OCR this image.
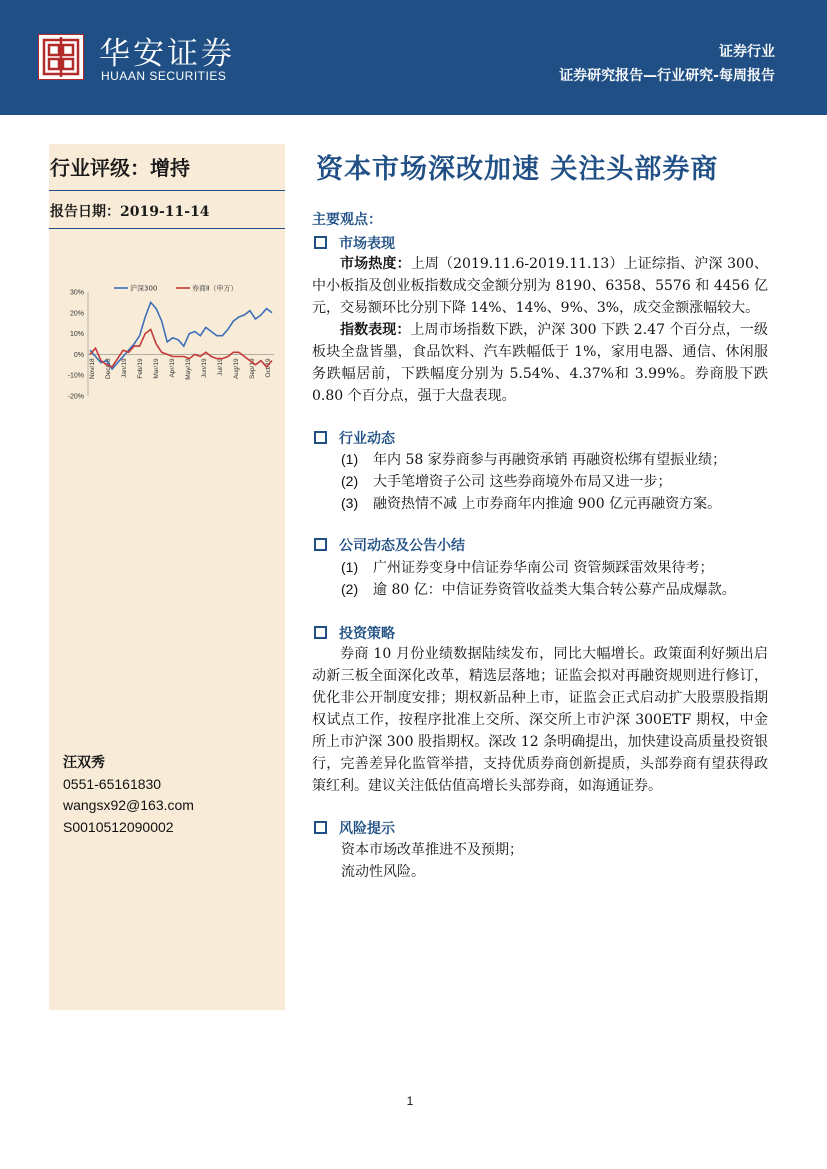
华安证券
HUAAN SECURITIES
证券行业
证券研究报告—行业研究-每周报告
行业评级：增持
报告日期：2019-11-14
30%
20%
10%
0%
-10%
-20%
Nov/18 Dec/18 Jan/19 Feb/19 Mar/19 Apr/19 May/19 Jun/19 Jul/19 Aug/19 Sep/19 Oct/19
沪深300	券商Ⅱ（申万）
汪双秀
0551-65161830
wangsx92@163.com
S0010512090002
资本市场深改加速 关注头部券商
主要观点：
市场表现
市场热度：上周（2019.11.6-2019.11.13）上证综指、沪深 300、中小板指及创业板指数成交金额分别为 8190、6358、5576 和 4456 亿元，交易额环比分别下降 14%、14%、9%、3%，成交金额涨幅较大。
指数表现：上周市场指数下跌，沪深 300 下跌 2.47 个百分点，一级板块全盘皆墨，食品饮料、汽车跌幅低于 1%，家用电器、通信、休闲服务跌幅居前，下跌幅度分别为 5.54%、4.37%和 3.99%。券商股下跌 0.80 个百分点，强于大盘表现。
行业动态
(1) 年内 58 家券商参与再融资承销 再融资松绑有望振业绩；
(2) 大手笔增资子公司 这些券商境外布局又进一步；
(3) 融资热情不减 上市券商年内推逾 900 亿元再融资方案。
公司动态及公告小结
(1) 广州证券变身中信证券华南公司 资管频踩雷效果待考；
(2) 逾 80 亿：中信证券资管收益类大集合转公募产品成爆款。
投资策略
券商 10 月份业绩数据陆续发布，同比大幅增长。政策面利好频出启动新三板全面深化改革，精选层落地；证监会拟对再融资规则进行修订，优化非公开制度安排；期权新品种上市，证监会正式启动扩大股票股指期权试点工作，按程序批准上交所、深交所上市沪深 300ETF 期权，中金所上市沪深 300 股指期权。深改 12 条明确提出，加快建设高质量投资银行，完善差异化监管举措，支持优质券商创新提质，头部券商有望获得政策红利。建议关注低估值高增长头部券商，如海通证券。
风险提示
资本市场改革推进不及预期；
流动性风险。
1
